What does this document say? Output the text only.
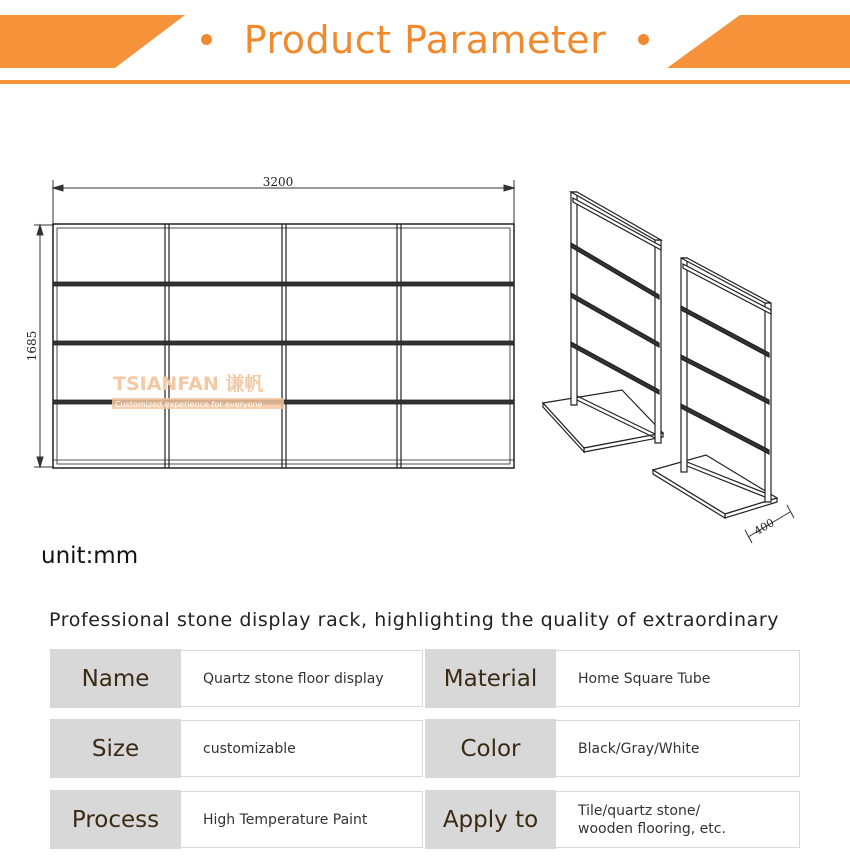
Product Parameter
3200
1685
TSIANFAN 谦帆
Customized experience for everyone
400
unit:mm
Professional stone display rack, highlighting the quality of extraordinary
Name	Quartz stone floor display	Material	Home Square Tube
Size	customizable	Color	Black/Gray/White
Process	High Temperature Paint	Apply to	Tile/quartz stone/ wooden flooring, etc.
